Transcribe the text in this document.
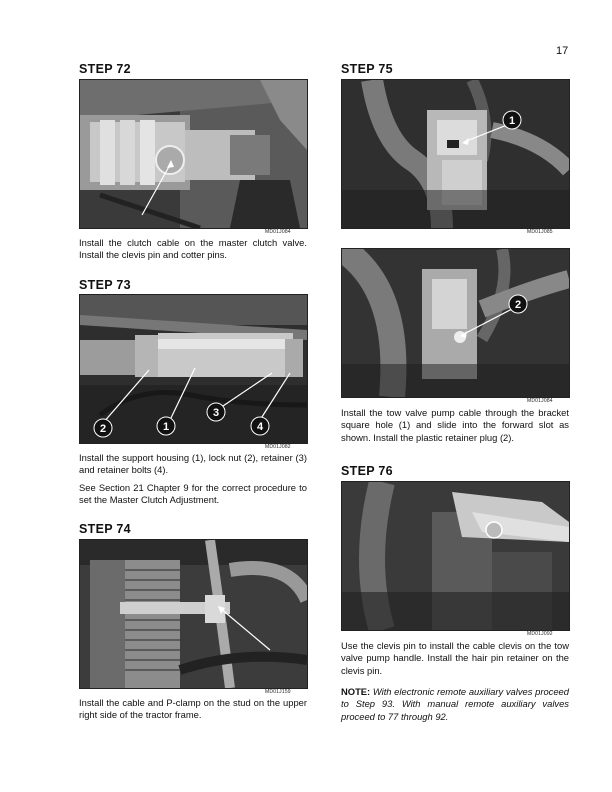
17
STEP 72
MD01J084
Install the clutch cable on the master clutch valve. Install the clevis pin and cotter pins.
STEP 73
2	1
3
4
MD01J082
Install the support housing (1), lock nut (2), retainer (3) and retainer bolts (4).
See Section 21 Chapter 9 for the correct procedure to set the Master Clutch Adjustment.
STEP 74
MD01J159
Install the cable and P-clamp on the stud on the upper right side of the tractor frame.
STEP 75
1
MD01J085
2
MD01J084
Install the tow valve pump cable through the bracket square hole (1) and slide into the forward slot as shown. Install the plastic retainer plug (2).
STEP 76
MD01J092
Use the clevis pin to install the cable clevis on the tow valve pump handle. Install the hair pin retainer on the clevis pin.
NOTE: With electronic remote auxiliary valves proceed to Step 93. With manual remote auxiliary valves proceed to 77 through 92.
